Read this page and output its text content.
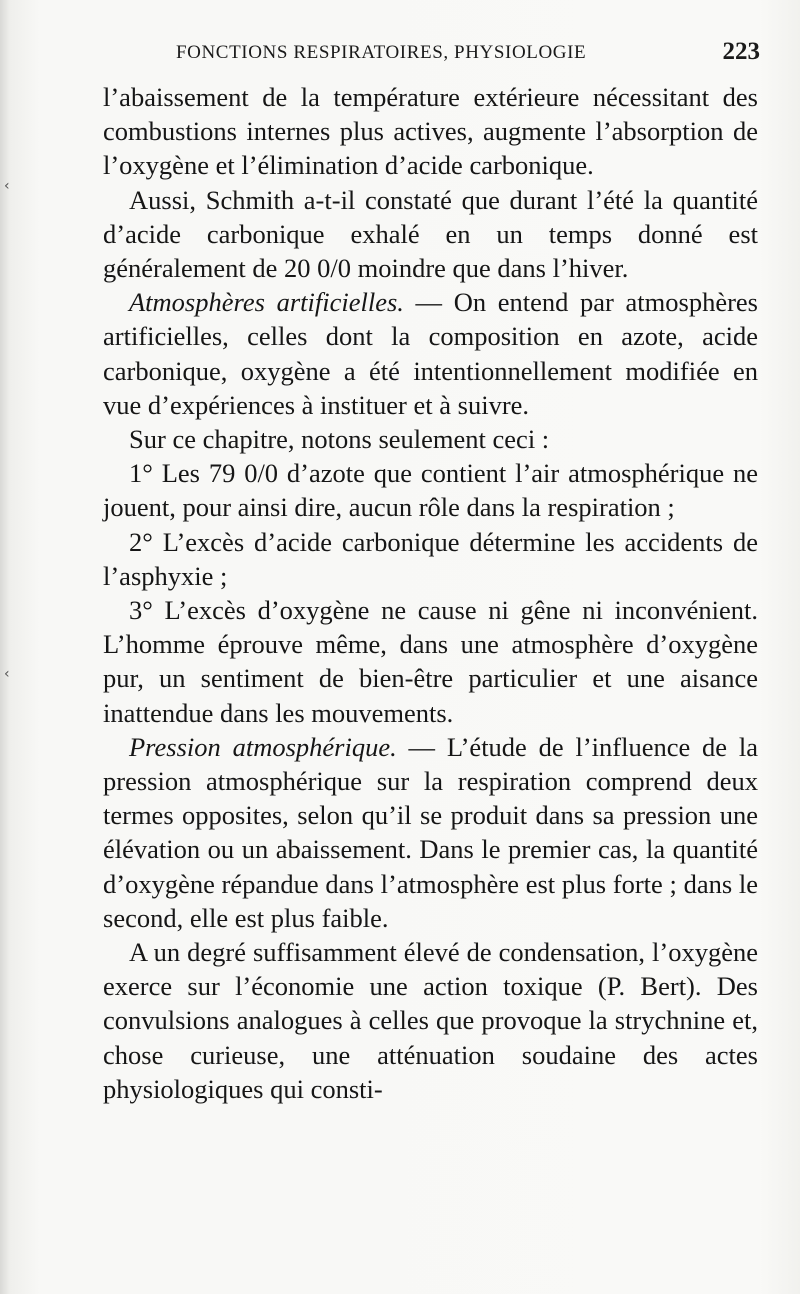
FONCTIONS RESPIRATOIRES, PHYSIOLOGIE	223
‹
‹

l’abaissement de la température extérieure nécessitant des combustions internes plus actives, augmente l’absorption de l’oxygène et l’élimination d’acide carbonique.

Aussi, Schmith a-t-il constaté que durant l’été la quantité d’acide carbonique exhalé en un temps donné est généralement de 20 0/0 moindre que dans l’hiver.

Atmosphères artificielles. — On entend par atmosphères artificielles, celles dont la composition en azote, acide carbonique, oxygène a été intentionnellement modifiée en vue d’expériences à instituer et à suivre.

Sur ce chapitre, notons seulement ceci :

1° Les 79 0/0 d’azote que contient l’air atmosphérique ne jouent, pour ainsi dire, aucun rôle dans la respiration ;

2° L’excès d’acide carbonique détermine les accidents de l’asphyxie ;

3° L’excès d’oxygène ne cause ni gêne ni inconvénient. L’homme éprouve même, dans une atmosphère d’oxygène pur, un sentiment de bien-être particulier et une aisance inattendue dans les mouvements.

Pression atmosphérique. — L’étude de l’influence de la pression atmosphérique sur la respiration comprend deux termes opposites, selon qu’il se produit dans sa pression une élévation ou un abaissement. Dans le premier cas, la quantité d’oxygène répandue dans l’atmosphère est plus forte ; dans le second, elle est plus faible.

A un degré suffisamment élevé de condensation, l’oxygène exerce sur l’économie une action toxique (P. Bert). Des convulsions analogues à celles que provoque la strychnine et, chose curieuse, une atténuation soudaine des actes physiologiques qui consti-
